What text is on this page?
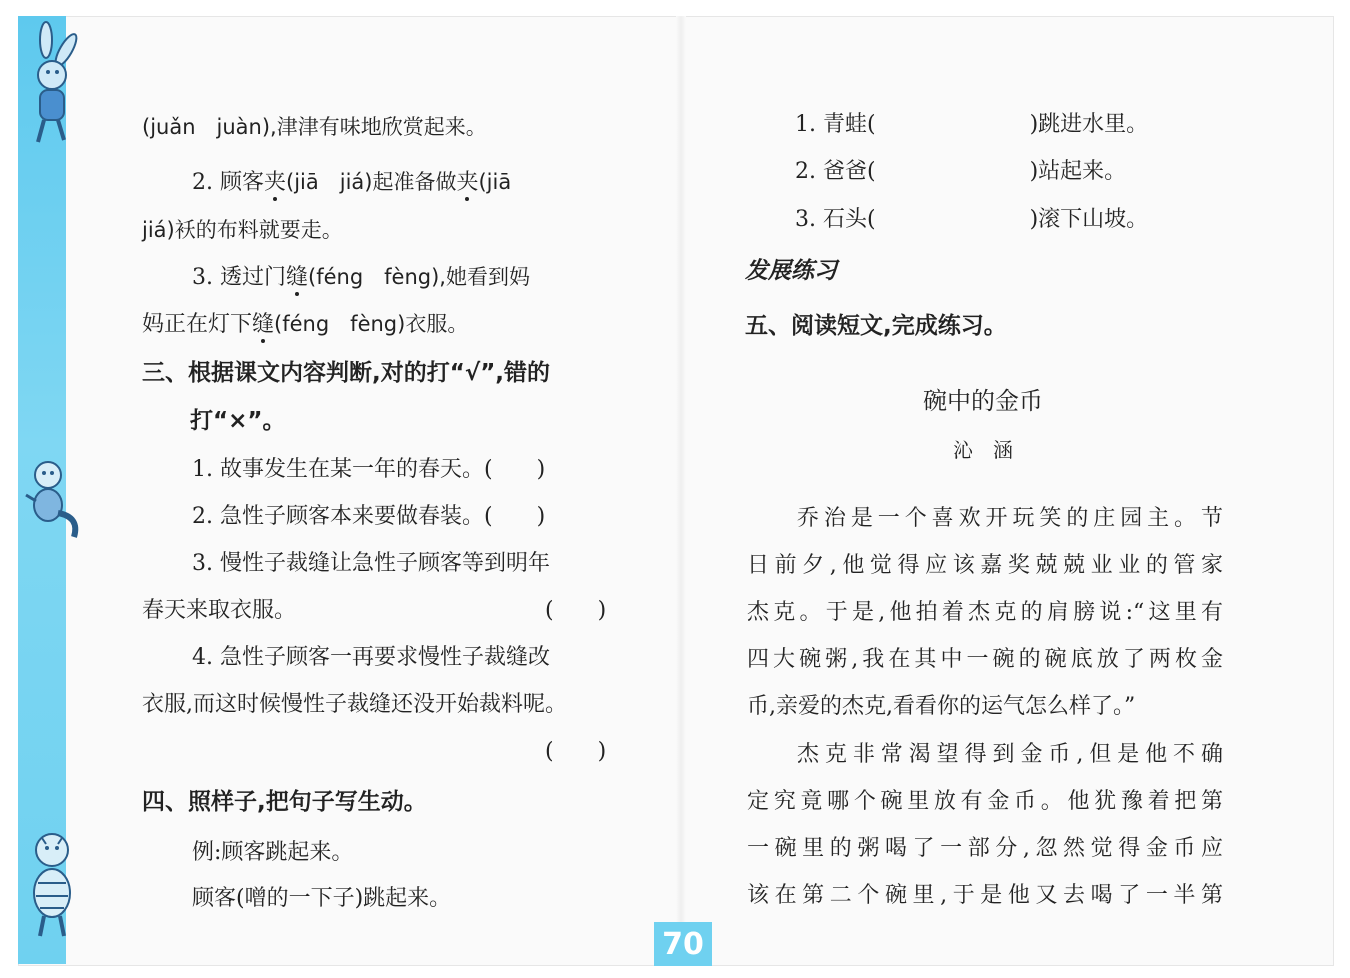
(juǎn　juàn),津津有味地欣赏起来。
2. 顾客夹(jiā　jiá)起准备做夹(jiā
jiá)袄的布料就要走。
3. 透过门缝(féng　fèng),她看到妈
妈正在灯下缝(féng　fèng)衣服。
三、根据课文内容判断,对的打“√”,错的
打“×”。
1. 故事发生在某一年的春天。(　　)
2. 急性子顾客本来要做春装。(　　)
3. 慢性子裁缝让急性子顾客等到明年
春天来取衣服。	(　　)
4. 急性子顾客一再要求慢性子裁缝改
衣服,而这时候慢性子裁缝还没开始裁料呢。
(　　)
四、照样子,把句子写生动。
例:顾客跳起来。
顾客(噌的一下子)跳起来。
1. 青蛙(　　　　　　　)跳进水里。
2. 爸爸(　　　　　　　)站起来。
3. 石头(　　　　　　　)滚下山坡。
发展练习
五、阅读短文,完成练习。
碗中的金币
沁　涵
乔治是一个喜欢开玩笑的庄园主。节
日前夕,他觉得应该嘉奖兢兢业业的管家
杰克。于是,他拍着杰克的肩膀说:“这里有
四大碗粥,我在其中一碗的碗底放了两枚金
币,亲爱的杰克,看看你的运气怎么样了。”
杰克非常渴望得到金币,但是他不确
定究竟哪个碗里放有金币。他犹豫着把第
一碗里的粥喝了一部分,忽然觉得金币应
该在第二个碗里,于是他又去喝了一半第
70
